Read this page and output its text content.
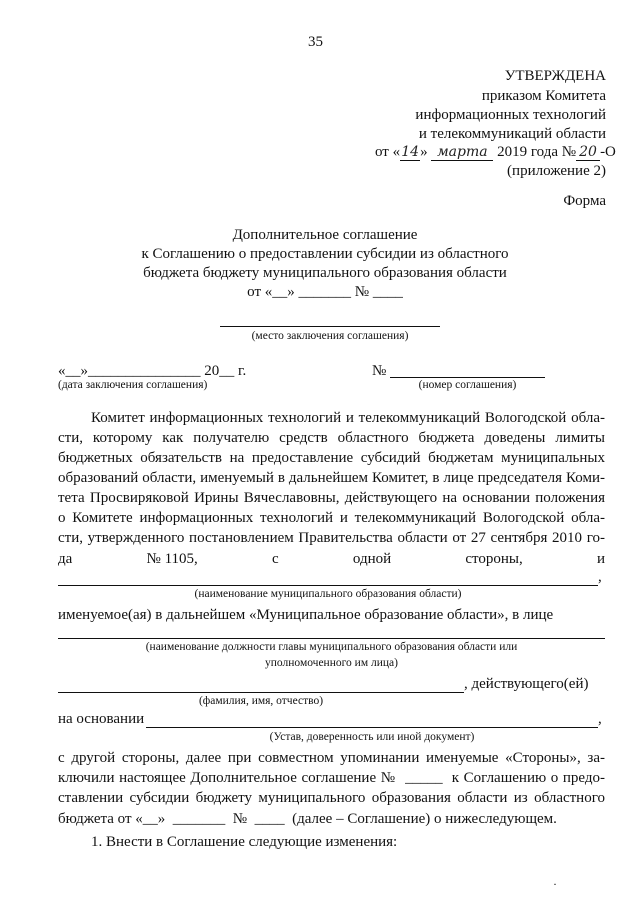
35
УТВЕРЖДЕНА
приказом Комитета
информационных технологий
и телекоммуникаций области
от «14» марта 2019 года № 20 -О
(приложение 2)
Форма
Дополнительное соглашение
к Соглашению о предоставлении субсидии из областного
бюджета бюджету муниципального образования области
от «__» _______ № ____
(место заключения соглашения)
«__»_______________ 20__ г.
(дата заключения соглашения)
№
(номер соглашения)
Комитет информационных технологий и телекоммуникаций Вологодской обла-
сти, которому как получателю средств областного бюджета доведены лимиты
бюджетных обязательств на предоставление субсидий бюджетам муниципальных
образований области, именуемый в дальнейшем Комитет, в лице председателя Коми-
тета Просвиряковой Ирины Вячеславовны, действующего на основании положения
о Комитете информационных технологий и телекоммуникаций Вологодской обла-
сти, утвержденного постановлением Правительства области от 27 сентября 2010 го-
да	№ 1105,	с	одной	стороны,	и
,
(наименование муниципального образования области)
именуемое(ая) в дальнейшем «Муниципальное образование области», в лице
(наименование должности главы муниципального образования области или
уполномоченного им лица)
, действующего(ей)
(фамилия, имя, отчество)
на основании	,
(Устав, доверенность или иной документ)
с другой стороны, далее при совместном упоминании именуемые «Стороны», за-
ключили настоящее Дополнительное соглашение №  _____  к Соглашению о предо-
ставлении субсидии бюджету муниципального образования области из областного
бюджета от «__»  _______  №  ____  (далее – Соглашение) о нижеследующем.
1. Внести в Соглашение следующие изменения:
·
